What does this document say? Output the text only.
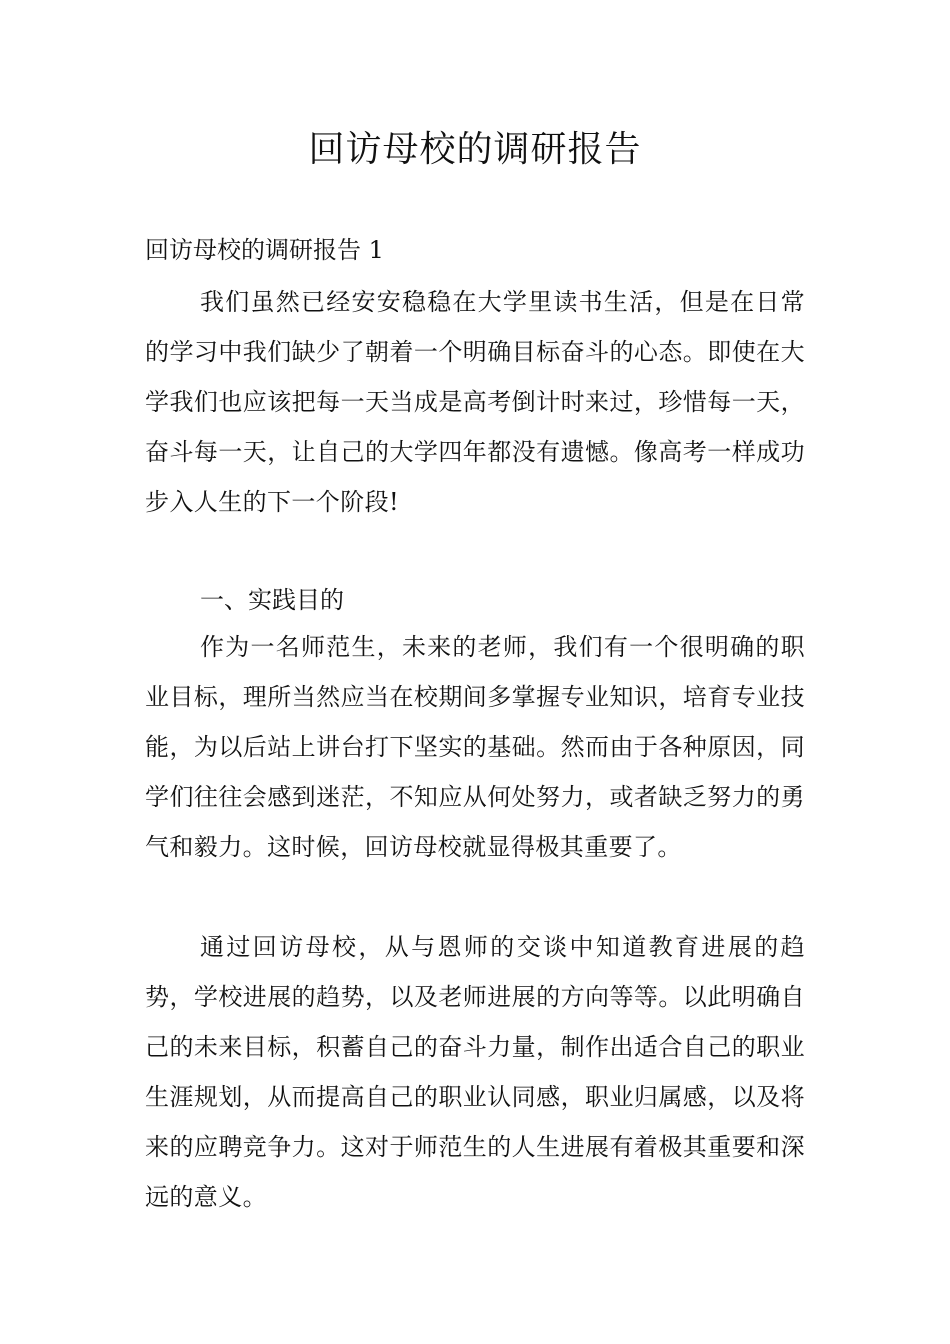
回访母校的调研报告

回访母校的调研报告 1

我们虽然已经安安稳稳在大学里读书生活，但是在日常的学习中我们缺少了朝着一个明确目标奋斗的心态。即使在大学我们也应该把每一天当成是高考倒计时来过，珍惜每一天，奋斗每一天，让自己的大学四年都没有遗憾。像高考一样成功步入人生的下一个阶段!

一、实践目的

作为一名师范生，未来的老师，我们有一个很明确的职业目标，理所当然应当在校期间多掌握专业知识，培育专业技能，为以后站上讲台打下坚实的基础。然而由于各种原因，同学们往往会感到迷茫，不知应从何处努力，或者缺乏努力的勇气和毅力。这时候，回访母校就显得极其重要了。

通过回访母校，从与恩师的交谈中知道教育进展的趋势，学校进展的趋势，以及老师进展的方向等等。以此明确自己的未来目标，积蓄自己的奋斗力量，制作出适合自己的职业生涯规划，从而提高自己的职业认同感，职业归属感，以及将来的应聘竞争力。这对于师范生的人生进展有着极其重要和深远的意义。
